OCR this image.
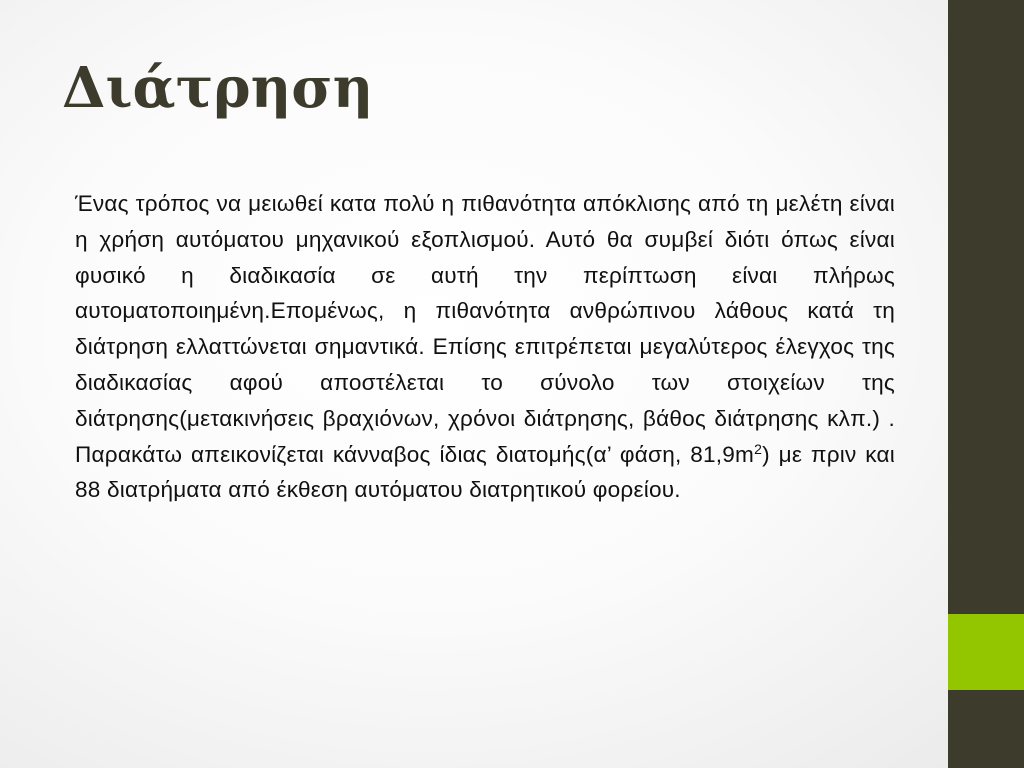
Διάτρηση

Ένας τρόπος να μειωθεί κατα πολύ η πιθανότητα απόκλισης από τη μελέτη είναι η χρήση αυτόματου μηχανικού εξοπλισμού. Αυτό θα συμβεί διότι όπως είναι φυσικό η διαδικασία σε αυτή την περίπτωση είναι πλήρως αυτοματοποιημένη.Επομένως, η πιθανότητα ανθρώπινου λάθους κατά τη διάτρηση ελλαττώνεται σημαντικά. Επίσης επιτρέπεται μεγαλύτερος έλεγχος της διαδικασίας αφού αποστέλεται το σύνολο των στοιχείων της διάτρησης(μετακινήσεις βραχιόνων, χρόνοι διάτρησης, βάθος διάτρησης κλπ.) . Παρακάτω απεικονίζεται κάνναβος ίδιας διατομής(α’ φάση, $81,9m^2$) με πριν και 88 διατρήματα από έκθεση αυτόματου διατρητικού φορείου.
